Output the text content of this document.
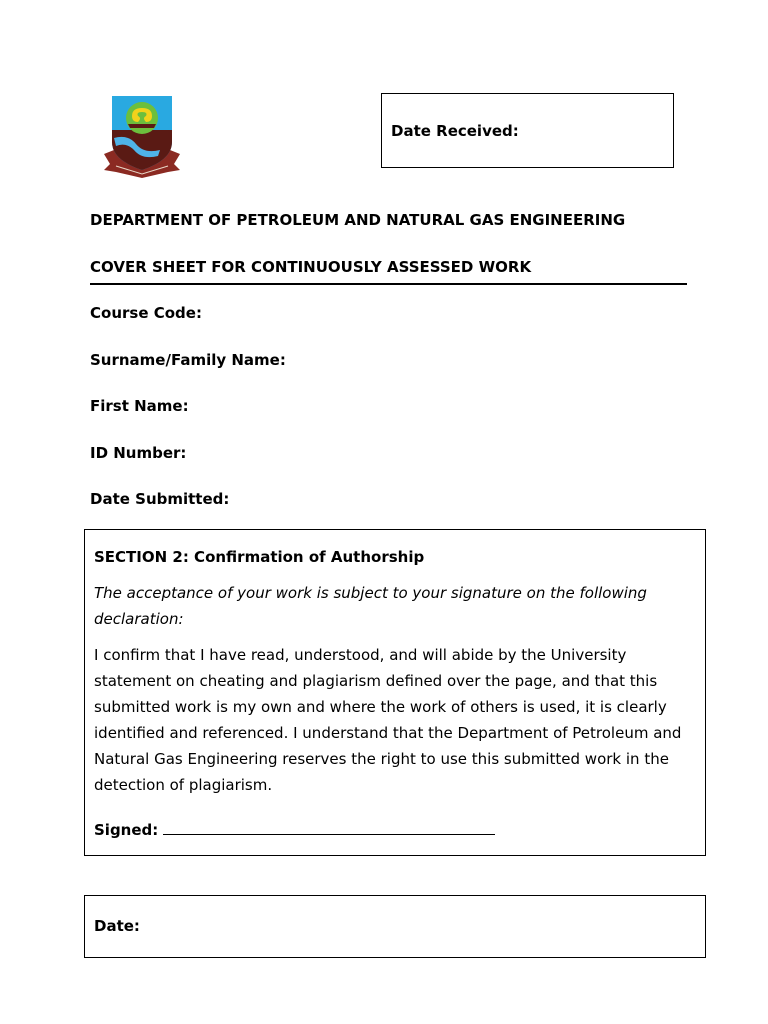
Date Received:
DEPARTMENT OF PETROLEUM AND NATURAL GAS ENGINEERING
COVER SHEET FOR CONTINUOUSLY ASSESSED WORK
Course Code:
Surname/Family Name:
First Name:
ID Number:
Date Submitted:
SECTION 2: Confirmation of Authorship
The acceptance of your work is subject to your signature on the following declaration:
I confirm that I have read, understood, and will abide by the University statement on cheating and plagiarism defined over the page, and that this submitted work is my own and where the work of others is used, it is clearly identified and referenced. I understand that the Department of Petroleum and Natural Gas Engineering reserves the right to use this submitted work in the detection of plagiarism.
Signed:
Date:
